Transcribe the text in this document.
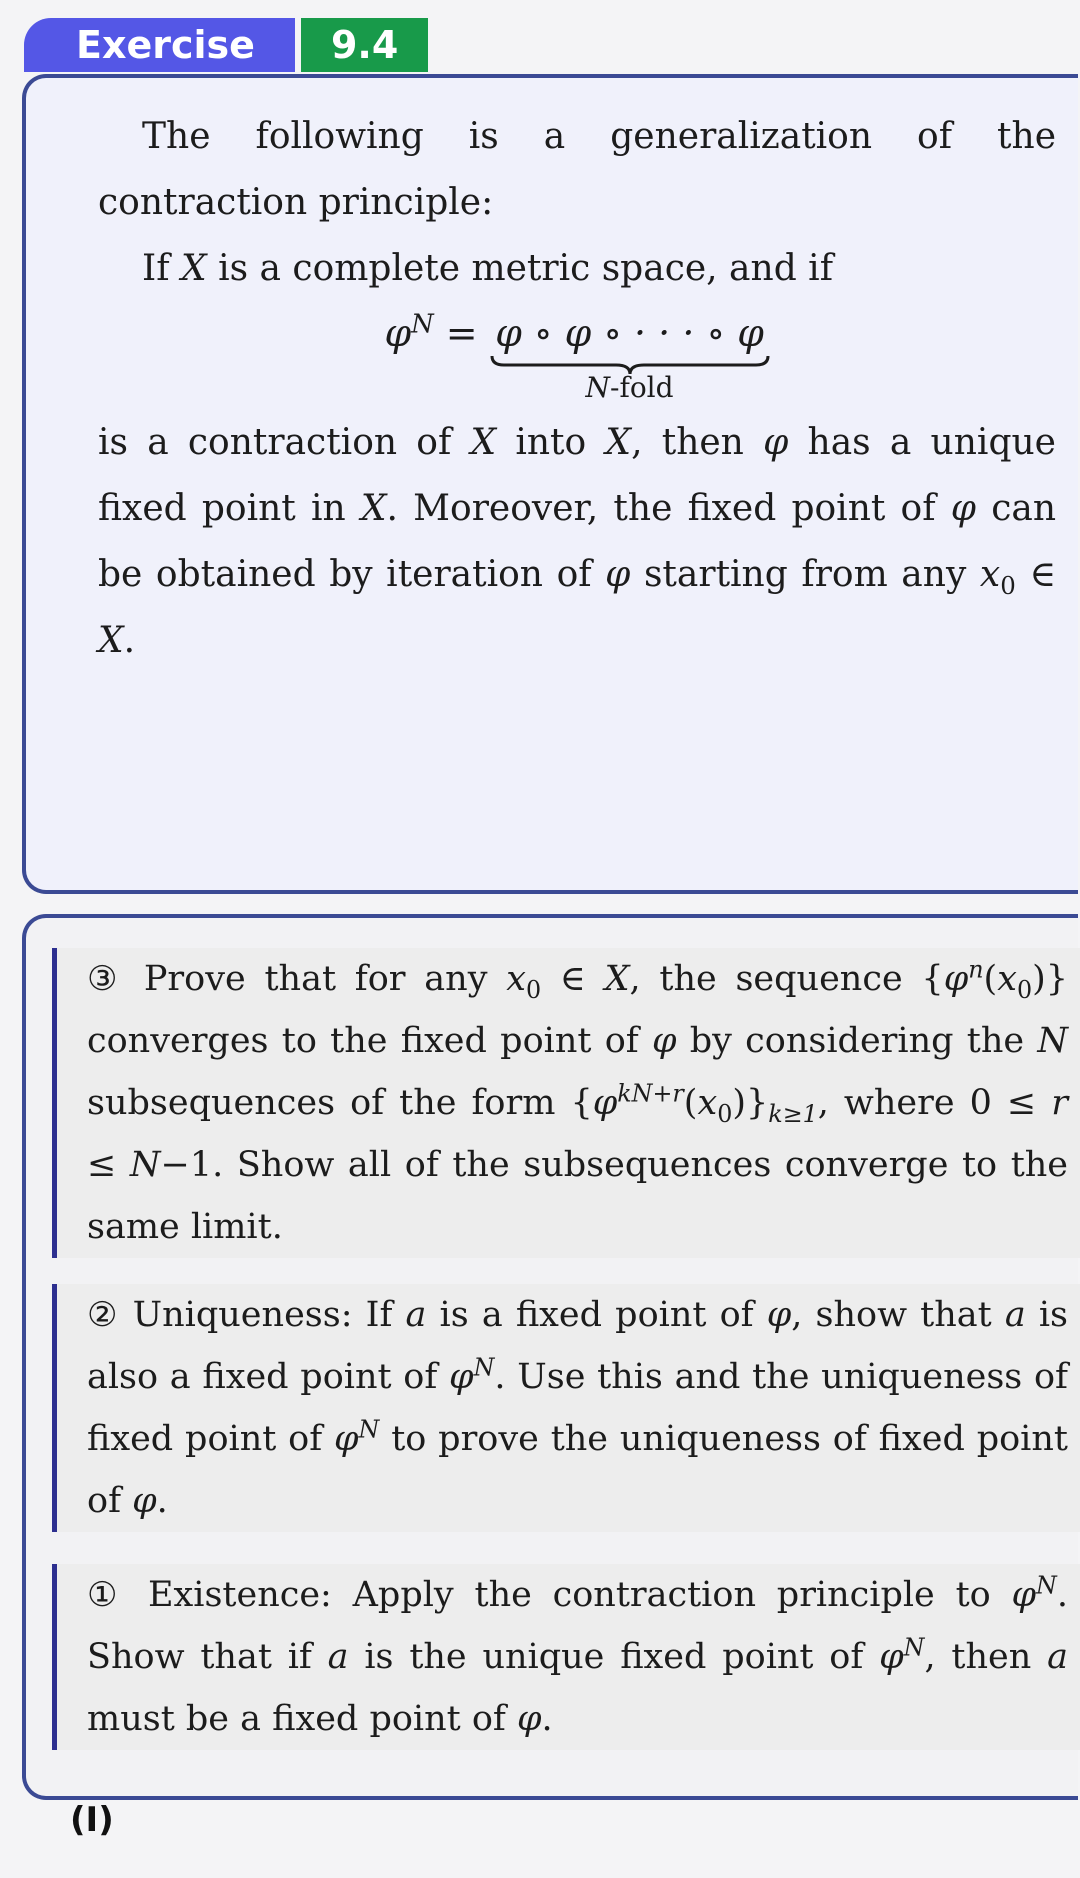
Exercise	9.4

The following is a generalization of the contraction principle:

If X is a complete metric space, and if

$\varphi^N = \varphi$ ∘ φ ∘ · · · ∘ φ
N-fold

is a contraction of X into X, then φ has a unique fixed point in X. Moreover, the fixed point of φ can be obtained by iteration of φ starting from any $x_0$ ∈ X.

③ Prove that for any $x_0$ ∈ X, the sequence $\{\varphi^n(x_0)\}$ converges to the fixed point of φ by considering the N subsequences of the form $\{\varphi^{kN+r}(x_0)\}_{k\ge 1}$, where 0 ≤ r ≤ N−1. Show all of the subsequences converge to the same limit.

② Uniqueness: If a is a fixed point of φ, show that a is also a fixed point of $\varphi^N$. Use this and the uniqueness of fixed point of $\varphi^N$ to prove the uniqueness of fixed point of φ.

① Existence: Apply the contraction principle to $\varphi^N$. Show that if a is the unique fixed point of $\varphi^N$, then a must be a fixed point of φ.

(I)
